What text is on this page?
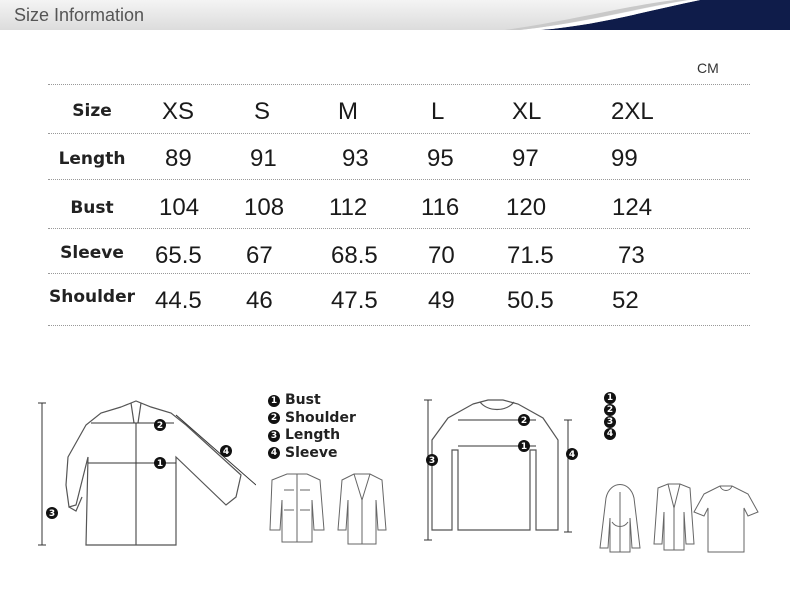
Size Information
CM
Size	XS S	M	L	XL	2XL
Length	89 91	93 95 97	99
Bust	104 108 112 116 120	124
Sleeve	65.5 67 68.5 70 71.5	73
Shoulder 44.5 46 47.5 49 50.5 52
1
2
3
4
1 Bust
2 Shoulder
3 Length
4 Sleeve	1
2
3
4
1
2
3
4
